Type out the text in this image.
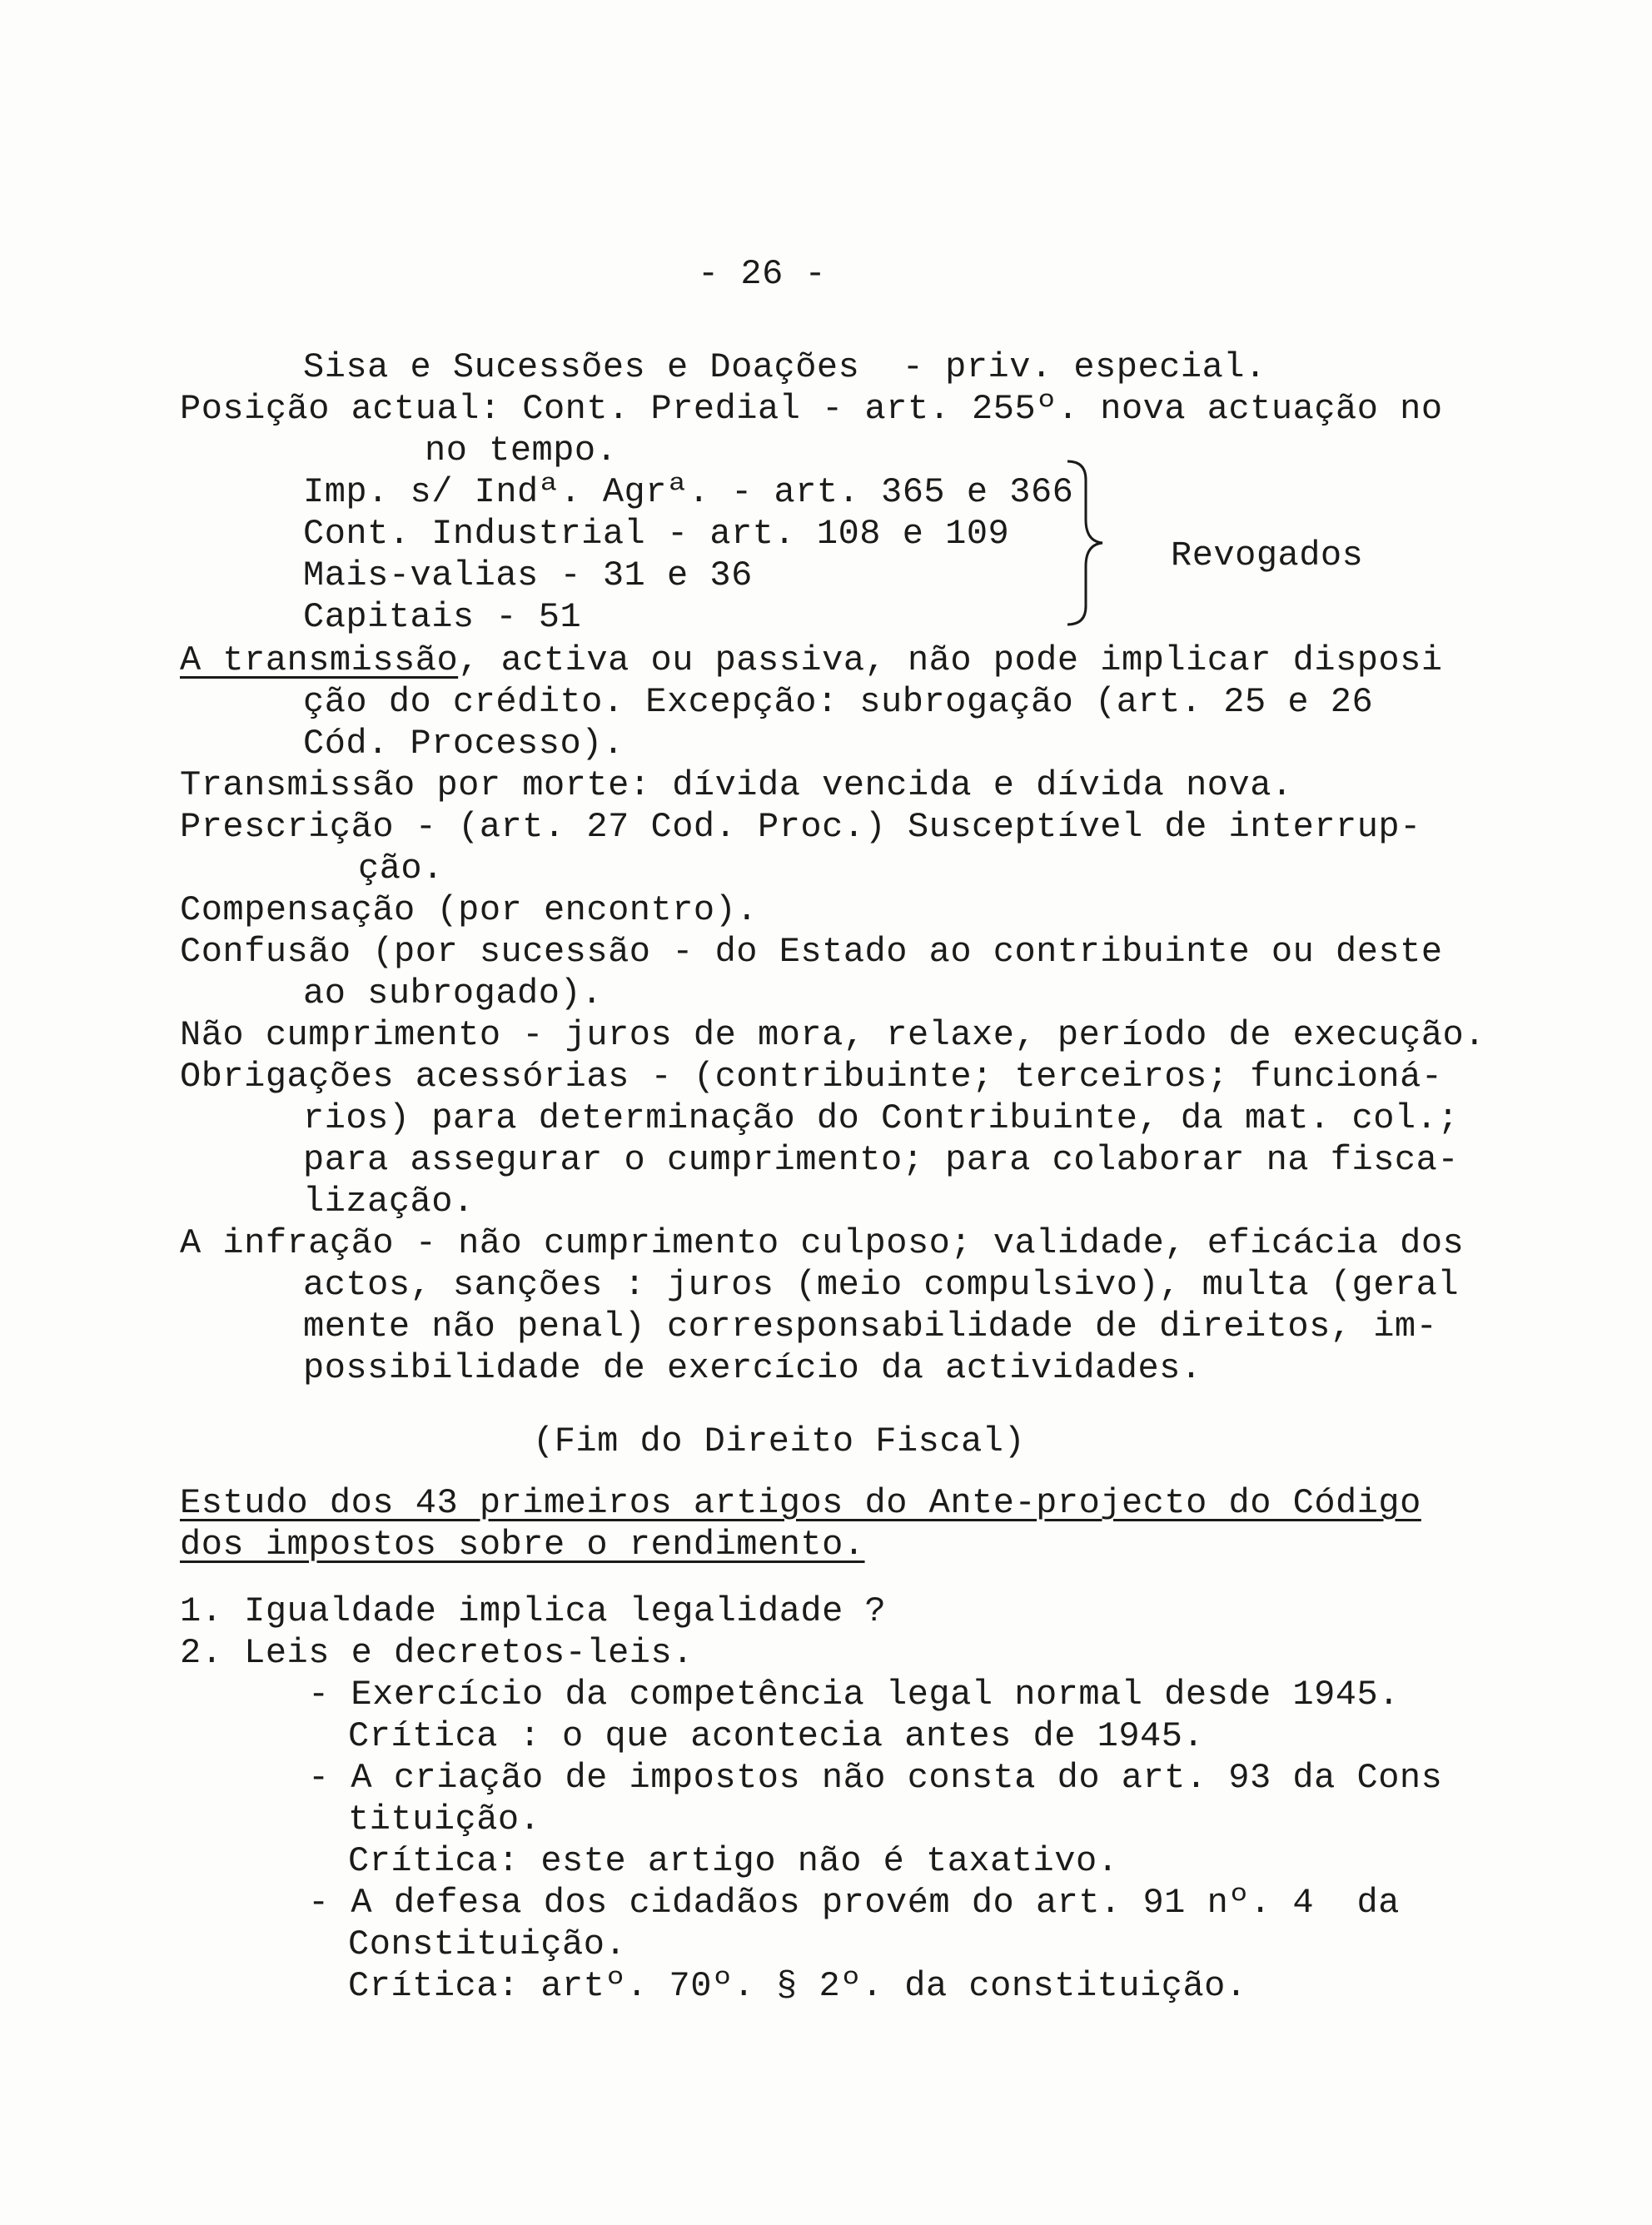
- 26 -
Sisa e Sucessões e Doações  - priv. especial.
Posição actual: Cont. Predial - art. 255º. nova actuação no
no tempo.
Imp. s/ Indª. Agrª. - art. 365 e 366
Cont. Industrial - art. 108 e 109
Mais-valias - 31 e 36
Capitais - 51
Revogados
A transmissão, activa ou passiva, não pode implicar disposi
ção do crédito. Excepção: subrogação (art. 25 e 26
Cód. Processo).
Transmissão por morte: dívida vencida e dívida nova.
Prescrição - (art. 27 Cod. Proc.) Susceptível de interrup-
ção.
Compensação (por encontro).
Confusão (por sucessão - do Estado ao contribuinte ou deste
ao subrogado).
Não cumprimento - juros de mora, relaxe, período de execução.
Obrigações acessórias - (contribuinte; terceiros; funcioná-
rios) para determinação do Contribuinte, da mat. col.;
para assegurar o cumprimento; para colaborar na fisca-
lização.
A infração - não cumprimento culposo; validade, eficácia dos
actos, sanções : juros (meio compulsivo), multa (geral
mente não penal) corresponsabilidade de direitos, im-
possibilidade de exercício da actividades.
(Fim do Direito Fiscal)
Estudo dos 43 primeiros artigos do Ante-projecto do Código
dos impostos sobre o rendimento.
1. Igualdade implica legalidade ?
2. Leis e decretos-leis.
- Exercício da competência legal normal desde 1945.
Crítica : o que acontecia antes de 1945.
- A criação de impostos não consta do art. 93 da Cons
tituição.
Crítica: este artigo não é taxativo.
- A defesa dos cidadãos provém do art. 91 nº. 4  da
Constituição.
Crítica: artº. 70º. § 2º. da constituição.
